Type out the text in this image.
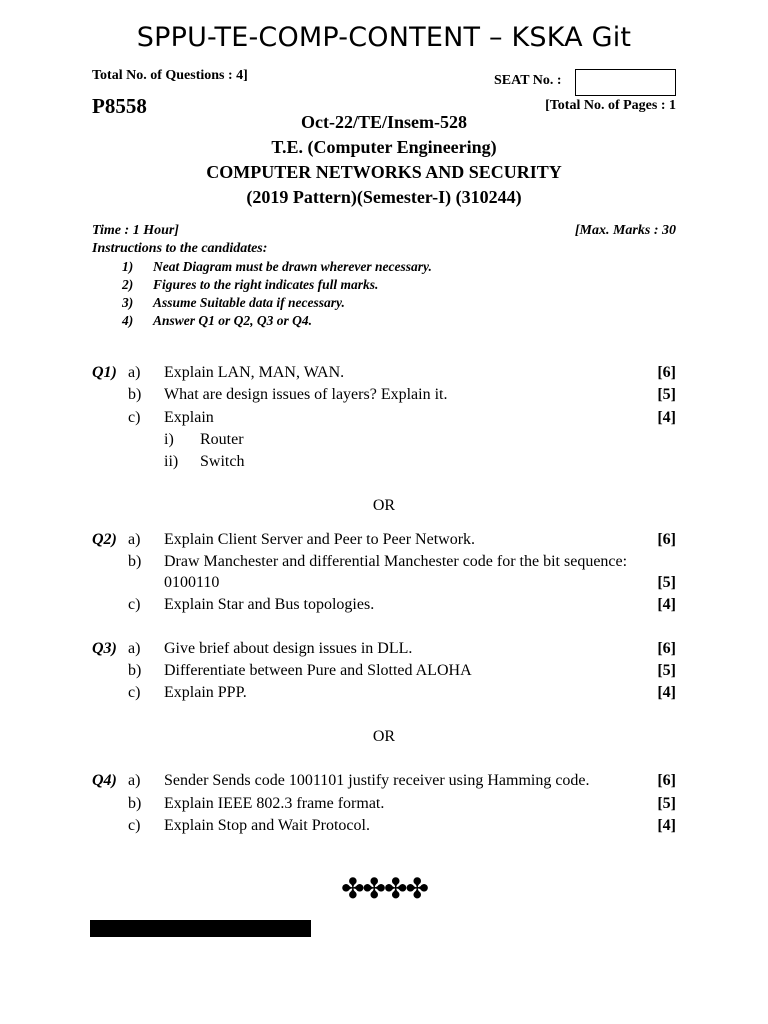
SPPU-TE-COMP-CONTENT – KSKA Git
Total No. of Questions : 4]	SEAT No. :
P8558	[Total No. of Pages : 1
Oct-22/TE/Insem-528
T.E. (Computer Engineering)
COMPUTER NETWORKS AND SECURITY
(2019 Pattern)(Semester-I) (310244)
Time : 1 Hour]	[Max. Marks : 30
Instructions to the candidates:
1) Neat Diagram must be drawn wherever necessary.
2) Figures to the right indicates full marks.
3) Assume Suitable data if necessary.
4) Answer Q1 or Q2, Q3 or Q4.
Q1) a) Explain LAN, MAN, WAN.	[6]
b) What are design issues of layers? Explain it.	[5]
c) Explain	[4]
i) Router
ii) Switch
OR
Q2) a) Explain Client Server and Peer to Peer Network.	[6]
b) Draw Manchester and differential Manchester code for the bit sequence:
0100110	[5]
c) Explain Star and Bus topologies.	[4]
Q3) a) Give brief about design issues in DLL.	[6]
b) Differentiate between Pure and Slotted ALOHA	[5]
c) Explain PPP.	[4]
OR
Q4) a) Sender Sends code 1001101 justify receiver using Hamming code.	[6]
b) Explain IEEE 802.3 frame format.	[5]
c) Explain Stop and Wait Protocol.	[4]
✤✤✤✤
